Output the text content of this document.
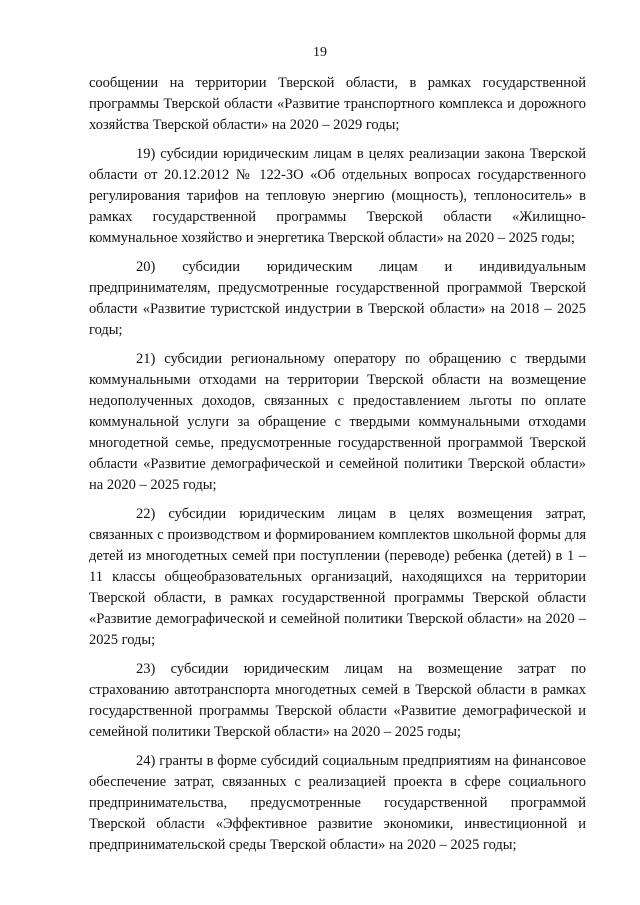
19

сообщении на территории Тверской области, в рамках государственной программы Тверской области «Развитие транспортного комплекса и дорожного хозяйства Тверской области» на 2020 – 2029 годы;

19) субсидии юридическим лицам в целях реализации закона Тверской области от 20.12.2012 № 122-ЗО «Об отдельных вопросах государственного регулирования тарифов на тепловую энергию (мощность), теплоноситель» в рамках государственной программы Тверской области «Жилищно-коммунальное хозяйство и энергетика Тверской области» на 2020 – 2025 годы;

20) субсидии юридическим лицам и индивидуальным предпринимателям, предусмотренные государственной программой Тверской области «Развитие туристской индустрии в Тверской области» на 2018 – 2025 годы;

21) субсидии региональному оператору по обращению с твердыми коммунальными отходами на территории Тверской области на возмещение недополученных доходов, связанных с предоставлением льготы по оплате коммунальной услуги за обращение с твердыми коммунальными отходами многодетной семье, предусмотренные государственной программой Тверской области «Развитие демографической и семейной политики Тверской области» на 2020 – 2025 годы;

22) субсидии юридическим лицам в целях возмещения затрат, связанных с производством и формированием комплектов школьной формы для детей из многодетных семей при поступлении (переводе) ребенка (детей) в 1 – 11 классы общеобразовательных организаций, находящихся на территории Тверской области, в рамках государственной программы Тверской области «Развитие демографической и семейной политики Тверской области» на 2020 – 2025 годы;

23) субсидии юридическим лицам на возмещение затрат по страхованию автотранспорта многодетных семей в Тверской области в рамках государственной программы Тверской области «Развитие демографической и семейной политики Тверской области» на 2020 – 2025 годы;

24) гранты в форме субсидий социальным предприятиям на финансовое обеспечение затрат, связанных с реализацией проекта в сфере социального предпринимательства, предусмотренные государственной программой Тверской области «Эффективное развитие экономики, инвестиционной и предпринимательской среды Тверской области» на 2020 – 2025 годы;
